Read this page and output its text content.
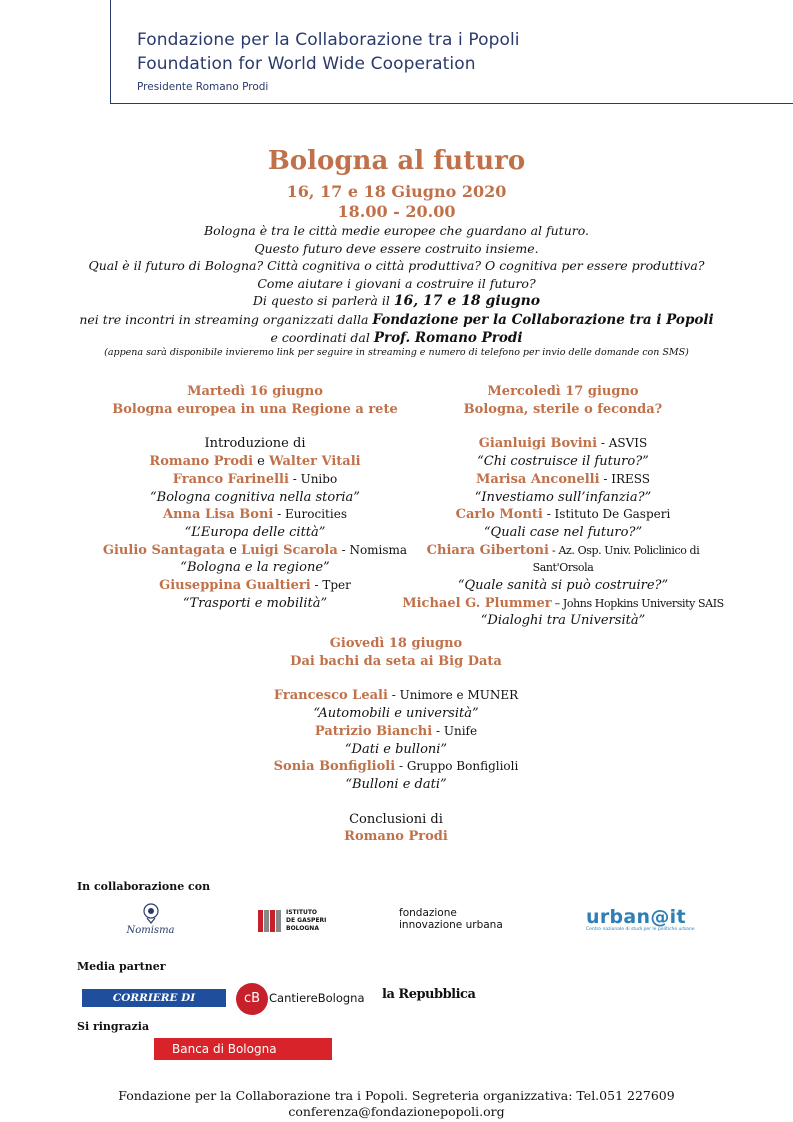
Fondazione per la Collaborazione tra i Popoli
Foundation for World Wide Cooperation
Presidente Romano Prodi
Bologna al futuro
16, 17 e 18 Giugno 2020
18.00 - 20.00
Bologna è tra le città medie europee che guardano al futuro.
Questo futuro deve essere costruito insieme.
Qual è il futuro di Bologna? Città cognitiva o città produttiva? O cognitiva per essere produttiva?
Come aiutare i giovani a costruire il futuro?
Di questo si parlerà il 16, 17 e 18 giugno
nei tre incontri in streaming organizzati dalla Fondazione per la Collaborazione tra i Popoli
e coordinati dal Prof. Romano Prodi
(appena sarà disponibile invieremo link per seguire in streaming e numero di telefono per invio delle domande con SMS)
Martedì 16 giugno
Bologna europea in una Regione a rete
Introduzione di
Romano Prodi e Walter Vitali
Franco Farinelli - Unibo
“Bologna cognitiva nella storia”
Anna Lisa Boni - Eurocities
“L’Europa delle città”
Giulio Santagata e Luigi Scarola - Nomisma
“Bologna e la regione”
Giuseppina Gualtieri - Tper
“Trasporti e mobilità”
Mercoledì 17 giugno
Bologna, sterile o feconda?
Gianluigi Bovini - ASVIS
“Chi costruisce il futuro?”
Marisa Anconelli - IRESS
“Investiamo sull’infanzia?”
Carlo Monti - Istituto De Gasperi
“Quali case nel futuro?”
Chiara Gibertoni - Az. Osp. Univ. Policlinico di Sant'Orsola
“Quale sanità si può costruire?”
Michael G. Plummer – Johns Hopkins University SAIS
“Dialoghi tra Università”
Giovedì 18 giugno
Dai bachi da seta ai Big Data
Francesco Leali - Unimore e MUNER
“Automobili e università”
Patrizio Bianchi - Unife
“Dati e bulloni”
Sonia Bonfiglioli - Gruppo Bonfiglioli
“Bulloni e dati”
Conclusioni di
Romano Prodi
In collaborazione con
Nomisma
ISTITUTO
DE GASPERI
BOLOGNA
fondazione
innovazione urbana	urban@it
Centro nazionale di studi per le politiche urbane
Media partner
CORRIERE DI BOLOGNA
cB CantiereBologna la Repubblica
Si ringrazia
Banca di Bologna
Fondazione per la Collaborazione tra i Popoli. Segreteria organizzativa: Tel.051 227609
conferenza@fondazionepopoli.org
